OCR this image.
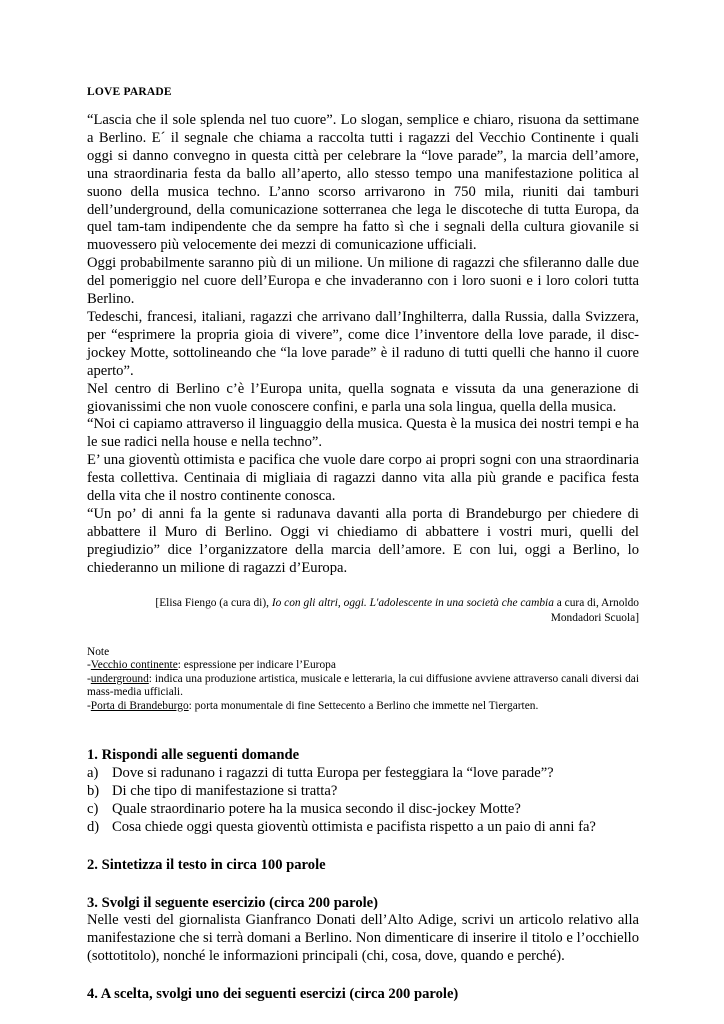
LOVE PARADE

“Lascia che il sole splenda nel tuo cuore”. Lo slogan, semplice e chiaro, risuona da settimane a Berlino. E´ il segnale che chiama a raccolta tutti i ragazzi del Vecchio Continente i quali oggi si danno convegno in questa città per celebrare la “love parade”, la marcia dell’amore, una straordinaria festa da ballo all’aperto, allo stesso tempo una manifestazione politica al suono della musica techno. L’anno scorso arrivarono in 750 mila, riuniti dai tamburi dell’underground, della comunicazione sotterranea che lega le discoteche di tutta Europa, da quel tam-tam indipendente che da sempre ha fatto sì che i segnali della cultura giovanile si muovessero più velocemente dei mezzi di comunicazione ufficiali.

Oggi probabilmente saranno più di un milione. Un milione di ragazzi che sfileranno dalle due del pomeriggio nel cuore dell’Europa e che invaderanno con i loro suoni e i loro colori tutta Berlino.

Tedeschi, francesi, italiani, ragazzi che arrivano dall’Inghilterra, dalla Russia, dalla Svizzera, per “esprimere la propria gioia di vivere”, come dice l’inventore della love parade, il disc-jockey Motte, sottolineando che “la love parade” è il raduno di tutti quelli che hanno il cuore aperto”.

Nel centro di Berlino c’è l’Europa unita, quella sognata e vissuta da una generazione di giovanissimi che non vuole conoscere confini, e parla una sola lingua, quella della musica.

“Noi ci capiamo attraverso il linguaggio della musica. Questa è la musica dei nostri tempi e ha le sue radici nella house e nella techno”.

E’ una gioventù ottimista e pacifica che vuole dare corpo ai propri sogni con una straordinaria festa collettiva. Centinaia di migliaia di ragazzi danno vita alla più grande e pacifica festa della vita che il nostro continente conosca.

“Un po’ di anni fa la gente si radunava davanti alla porta di Brandeburgo per chiedere di abbattere il Muro di Berlino. Oggi vi chiediamo di abbattere i vostri muri, quelli del pregiudizio” dice l’organizzatore della marcia dell’amore. E con lui, oggi a Berlino, lo chiederanno un milione di ragazzi d’Europa.

[Elisa Fiengo (a cura di), Io con gli altri, oggi. L'adolescente in una società che cambia a cura di, Arnoldo Mondadori Scuola]
Note
-Vecchio continente: espressione per indicare l’Europa
-underground: indica una produzione artistica, musicale e letteraria, la cui diffusione avviene attraverso canali diversi dai mass-media ufficiali.
-Porta di Brandeburgo: porta monumentale di fine Settecento a Berlino che immette nel Tiergarten.
1. Rispondi alle seguenti domande
a) Dove si radunano i ragazzi di tutta Europa per festeggiara la “love parade”?
b) Di che tipo di manifestazione si tratta?
c) Quale straordinario potere ha la musica secondo il disc-jockey Motte?
d) Cosa chiede oggi questa gioventù ottimista e pacifista rispetto a un paio di anni fa?
2. Sintetizza il testo in circa 100 parole
3. Svolgi il seguente esercizio (circa 200 parole)

Nelle vesti del giornalista Gianfranco Donati dell’Alto Adige, scrivi un articolo relativo alla manifestazione che si terrà domani a Berlino. Non dimenticare di inserire il titolo e l’occhiello (sottotitolo), nonché le informazioni principali (chi, cosa, dove, quando e perché).

4. A scelta, svolgi uno dei seguenti esercizi (circa 200 parole)
